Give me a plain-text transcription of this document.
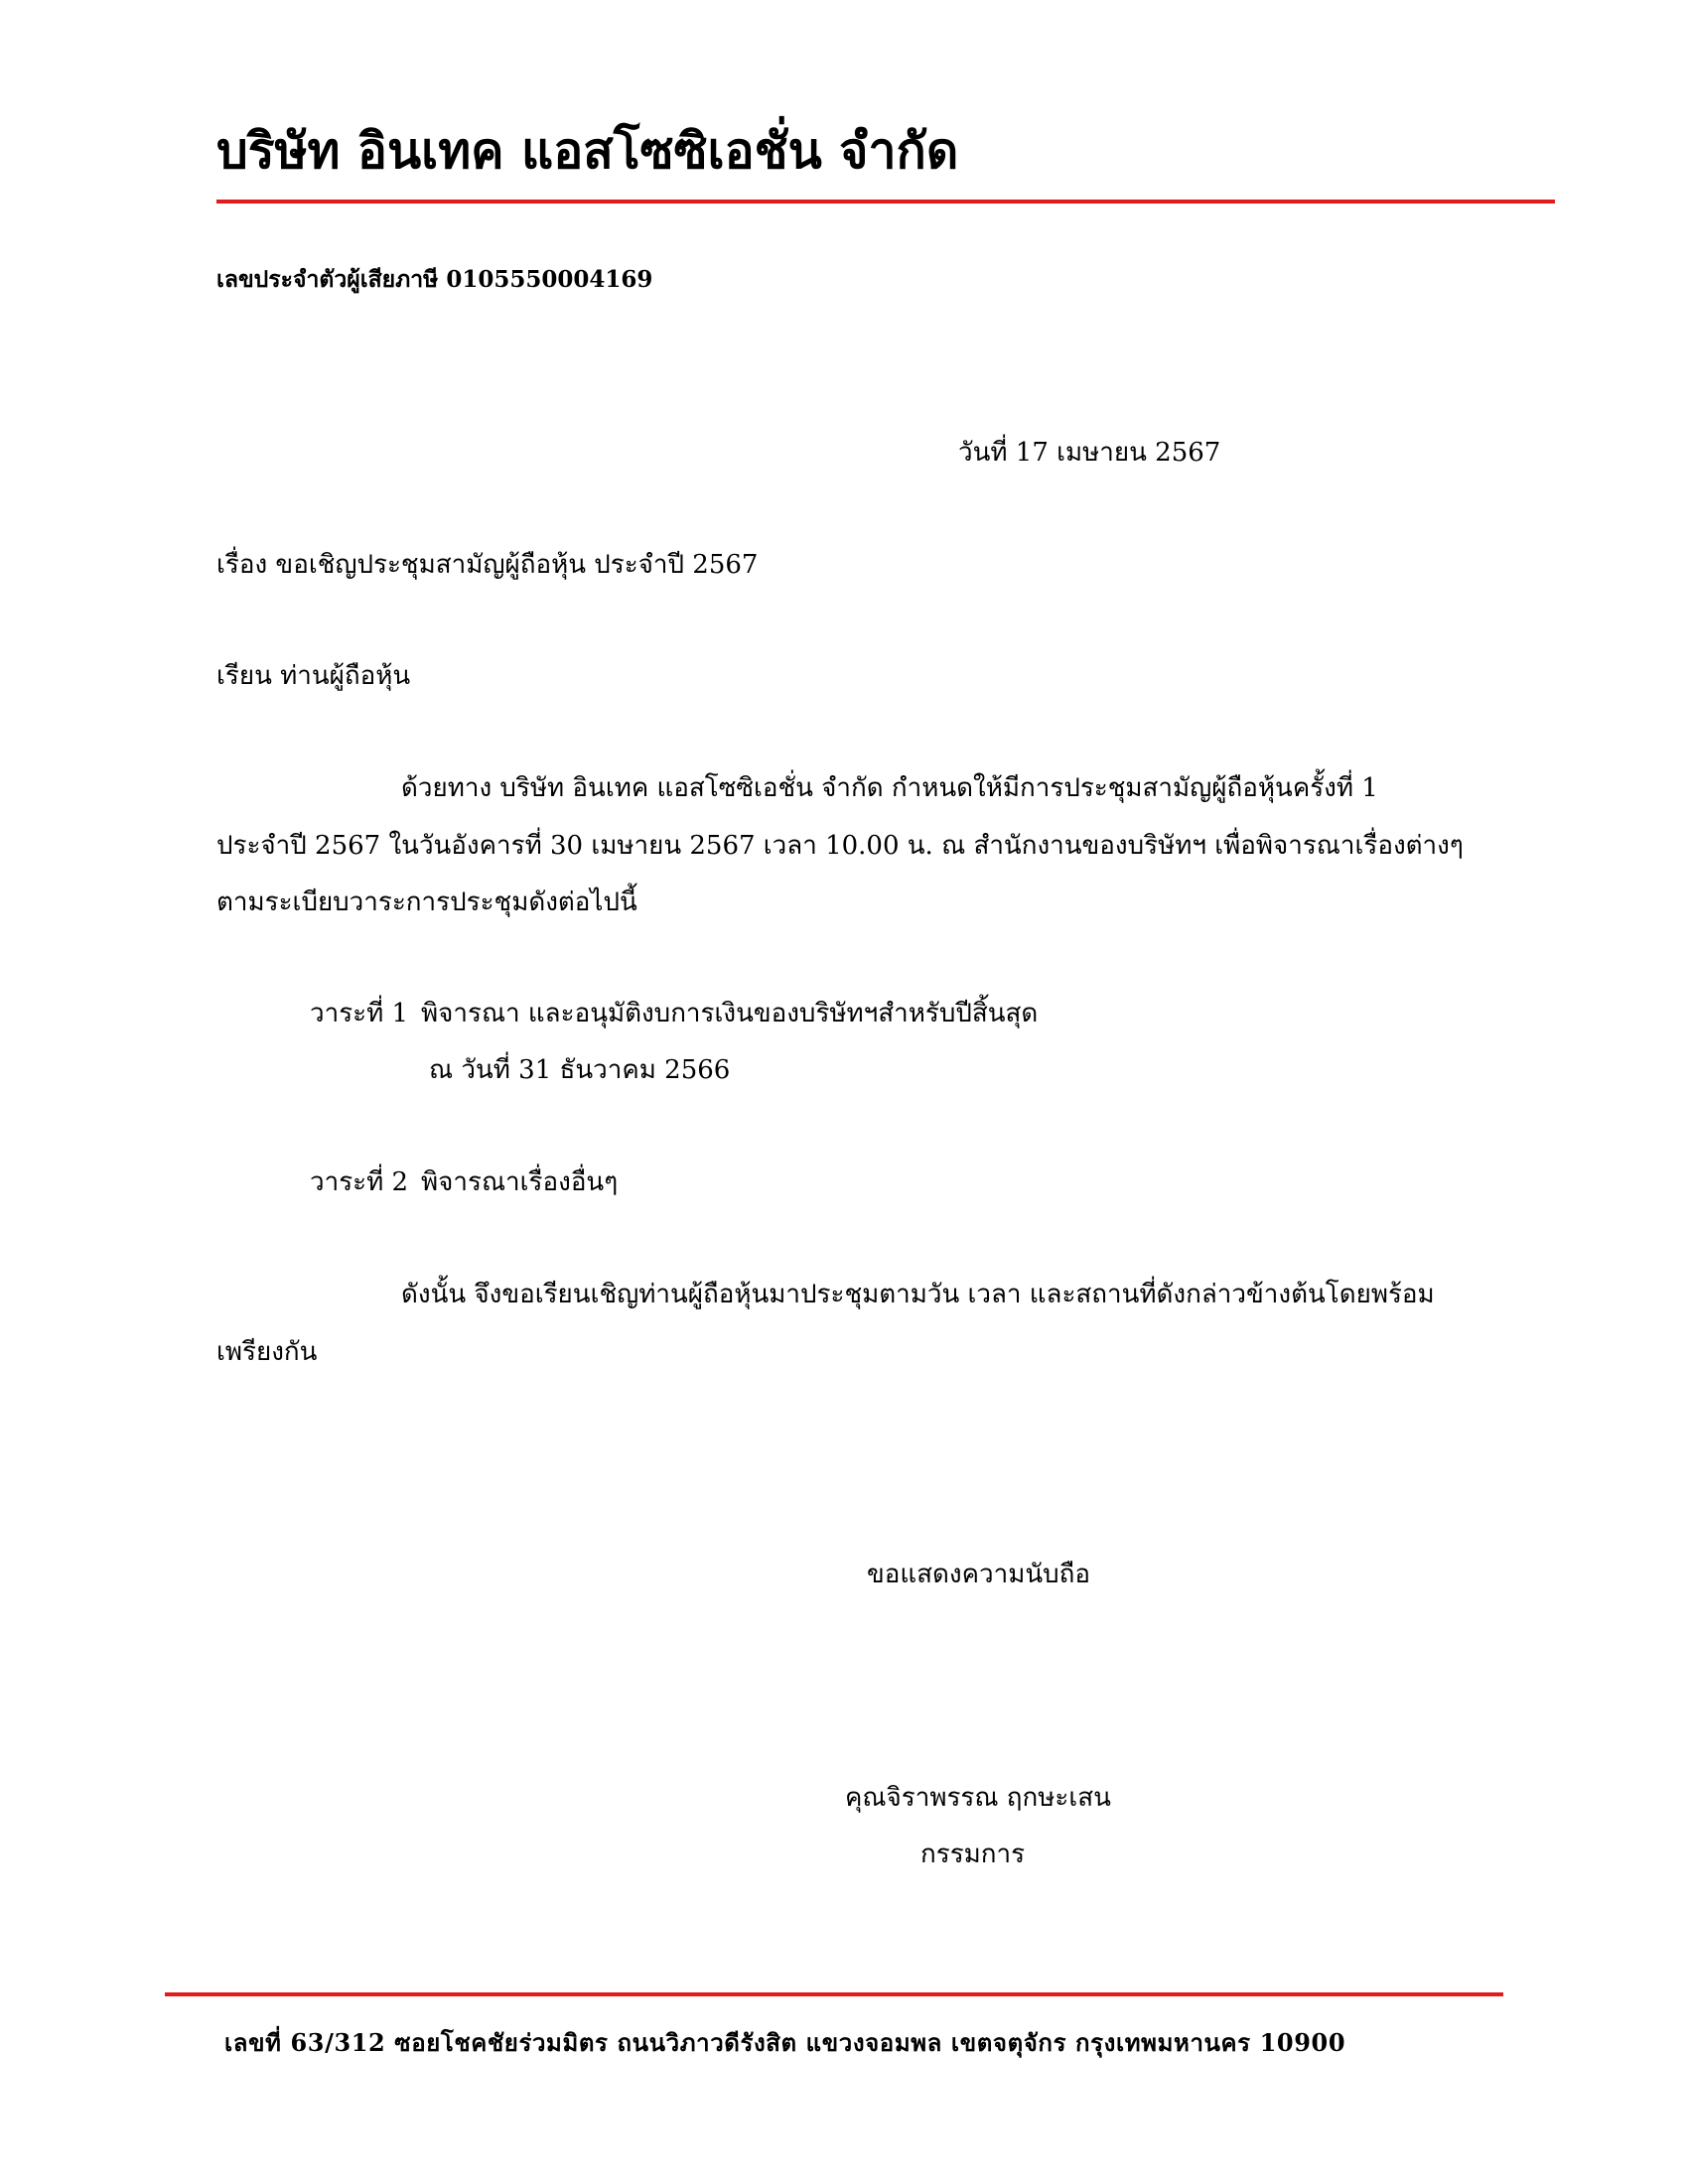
บริษัท อินเทค แอสโซซิเอชั่น จำกัด
เลขประจำตัวผู้เสียภาษี 0105550004169
วันที่ 17 เมษายน 2567
เรื่อง ขอเชิญประชุมสามัญผู้ถือหุ้น ประจำปี 2567
เรียน ท่านผู้ถือหุ้น
ด้วยทาง บริษัท อินเทค แอสโซซิเอชั่น จำกัด กำหนดให้มีการประชุมสามัญผู้ถือหุ้นครั้งที่ 1
ประจำปี 2567 ในวันอังคารที่ 30 เมษายน 2567 เวลา 10.00 น. ณ สำนักงานของบริษัทฯ เพื่อพิจารณาเรื่องต่างๆ
ตามระเบียบวาระการประชุมดังต่อไปนี้
วาระที่ 1 พิจารณา และอนุมัติงบการเงินของบริษัทฯสำหรับปีสิ้นสุด
ณ วันที่ 31 ธันวาคม 2566
วาระที่ 2 พิจารณาเรื่องอื่นๆ
ดังนั้น จึงขอเรียนเชิญท่านผู้ถือหุ้นมาประชุมตามวัน เวลา และสถานที่ดังกล่าวข้างต้นโดยพร้อม
เพรียงกัน
ขอแสดงความนับถือ
คุณจิราพรรณ ฤกษะเสน
กรรมการ
เลขที่ 63/312 ซอยโชคชัยร่วมมิตร ถนนวิภาวดีรังสิต แขวงจอมพล เขตจตุจักร กรุงเทพมหานคร 10900
